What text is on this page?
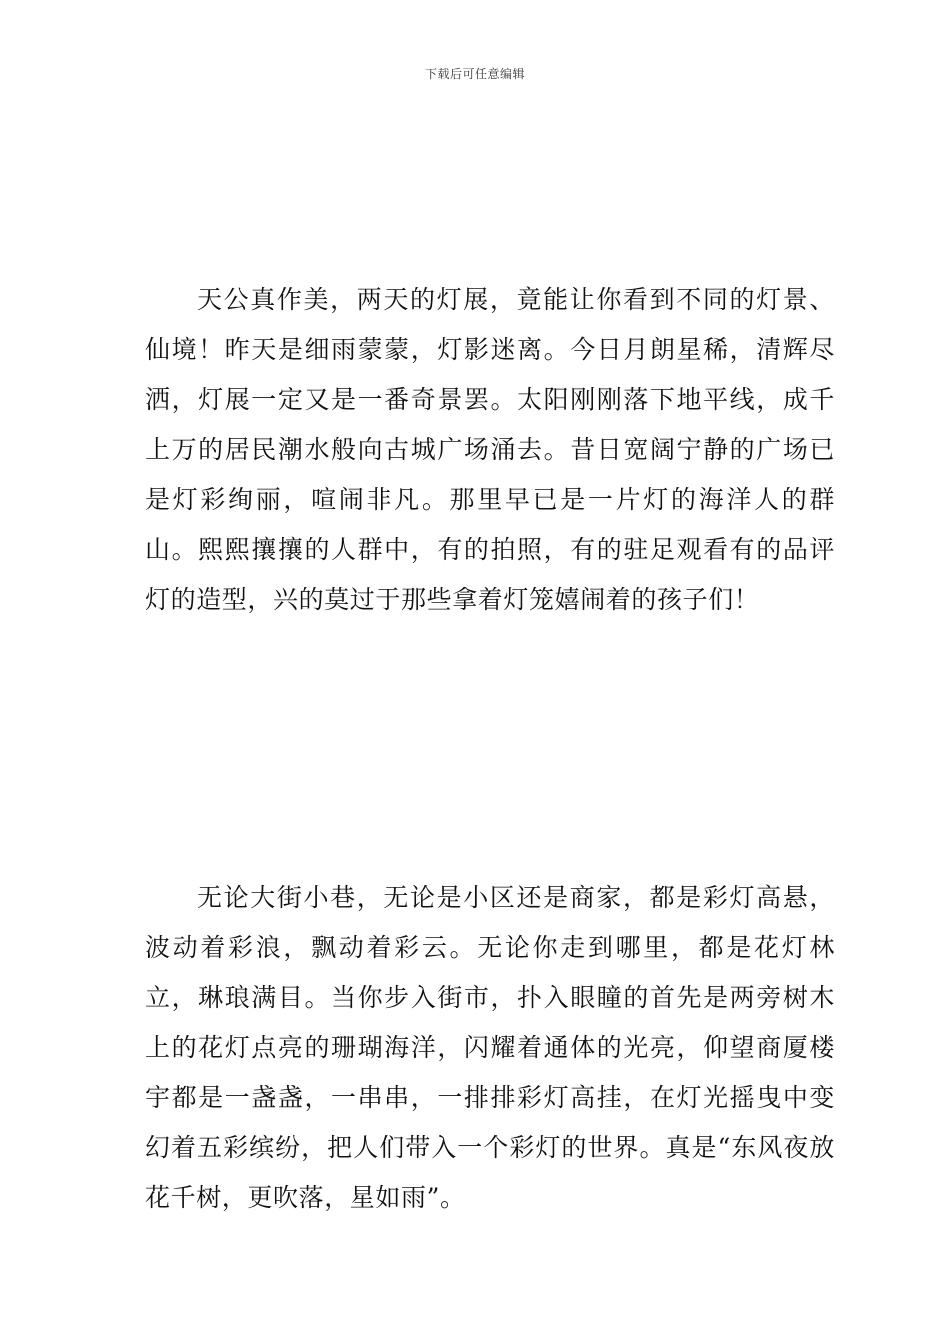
下载后可任意编辑

天公真作美，两天的灯展，竟能让你看到不同的灯景、仙境！昨天是细雨蒙蒙，灯影迷离。今日月朗星稀，清辉尽洒，灯展一定又是一番奇景罢。太阳刚刚落下地平线，成千上万的居民潮水般向古城广场涌去。昔日宽阔宁静的广场已是灯彩绚丽，喧闹非凡。那里早已是一片灯的海洋人的群山。熙熙攘攘的人群中，有的拍照，有的驻足观看有的品评灯的造型，兴的莫过于那些拿着灯笼嬉闹着的孩子们！

无论大街小巷，无论是小区还是商家，都是彩灯高悬，波动着彩浪，飘动着彩云。无论你走到哪里，都是花灯林立，琳琅满目。当你步入街市，扑入眼瞳的首先是两旁树木上的花灯点亮的珊瑚海洋，闪耀着通体的光亮，仰望商厦楼宇都是一盏盏，一串串，一排排彩灯高挂，在灯光摇曳中变幻着五彩缤纷，把人们带入一个彩灯的世界。真是“东风夜放花千树，更吹落，星如雨”。
